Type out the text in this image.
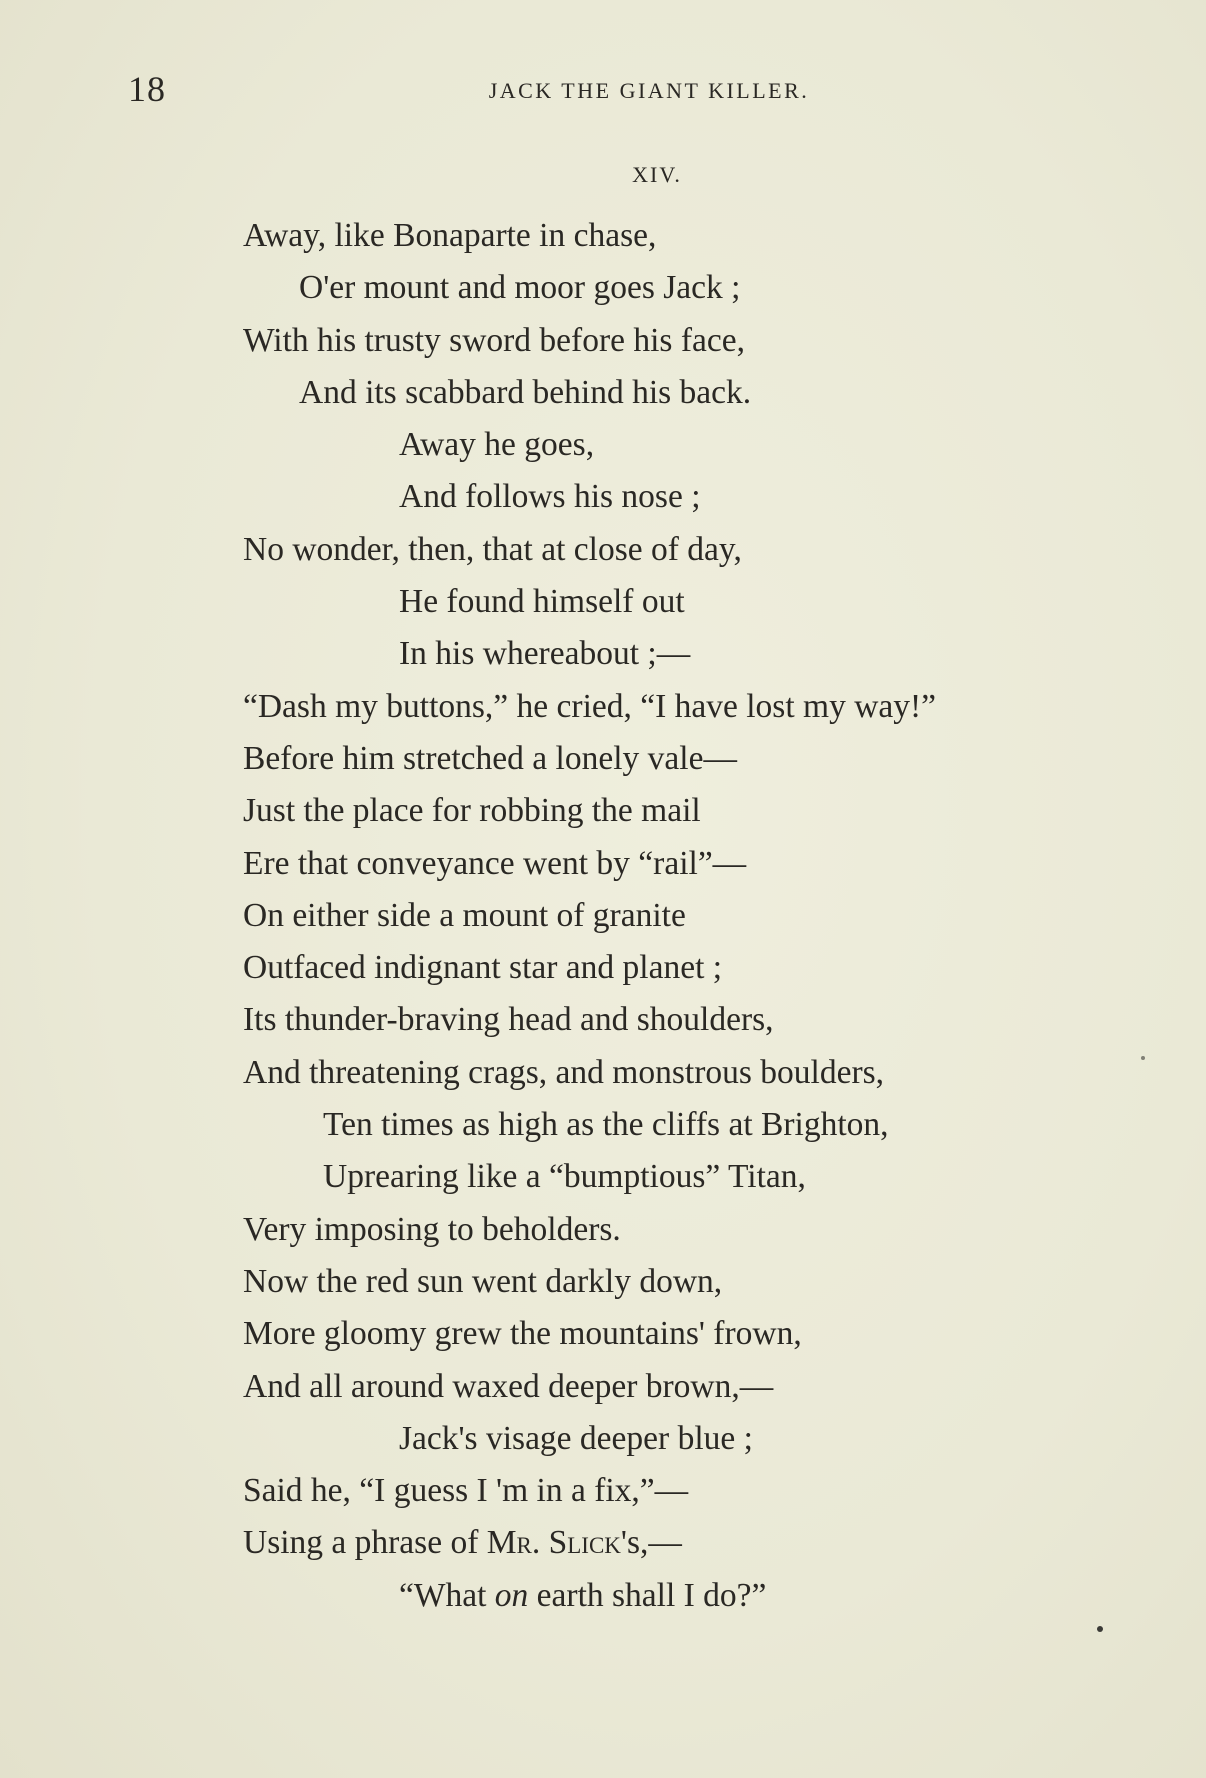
18	JACK THE GIANT KILLER.
XIV.
Away, like Bonaparte in chase,
O'er mount and moor goes Jack ;
With his trusty sword before his face,
And its scabbard behind his back.
Away he goes,
And follows his nose ;
No wonder, then, that at close of day,
He found himself out
In his whereabout ;—
“Dash my buttons,” he cried, “I have lost my way!”
Before him stretched a lonely vale—
Just the place for robbing the mail
Ere that conveyance went by “rail”—
On either side a mount of granite
Outfaced indignant star and planet ;
Its thunder-braving head and shoulders,
And threatening crags, and monstrous boulders,
Ten times as high as the cliffs at Brighton,
Uprearing like a “bumptious” Titan,
Very imposing to beholders.
Now the red sun went darkly down,
More gloomy grew the mountains' frown,
And all around waxed deeper brown,—
Jack's visage deeper blue ;
Said he, “I guess I 'm in a fix,”—
Using a phrase of Mr. Slick's,—
“What on earth shall I do?”
